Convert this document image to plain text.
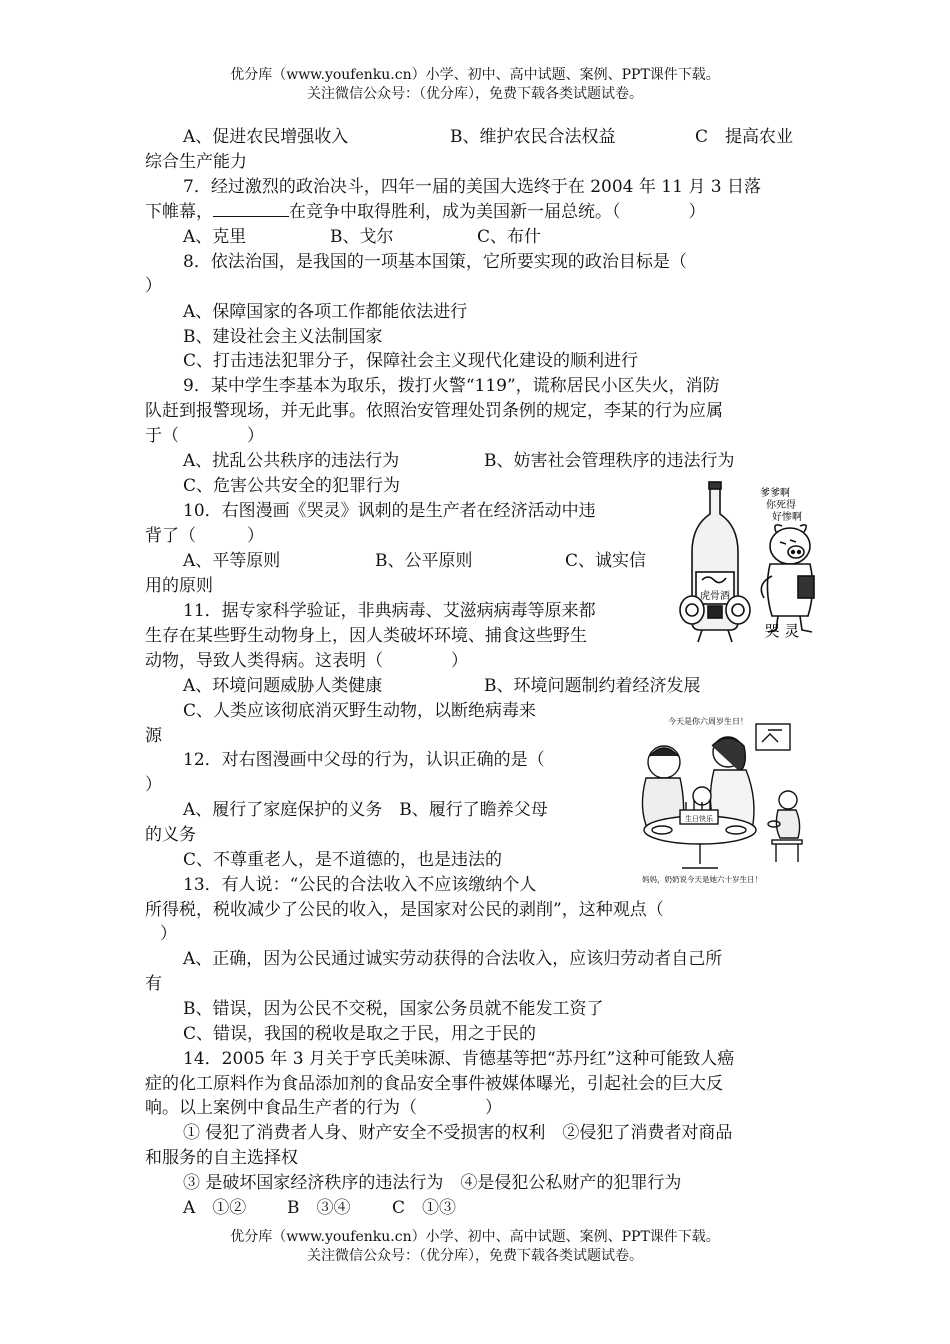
优分库（www.youfenku.cn）小学、初中、高中试题、案例、PPT课件下载。
关注微信公众号：（优分库），免费下载各类试题试卷。
A、促进农民增强收入	B、维护农民合法权益	C　提高农业
综合生产能力
7．经过激烈的政治决斗，四年一届的美国大选终于在 2004 年 11 月 3 日落
下帷幕，	在竞争中取得胜利，成为美国新一届总统。（　　　　）
A、克里	B、戈尔	C、布什
8．依法治国，是我国的一项基本国策，它所要实现的政治目标是（
）
A、保障国家的各项工作都能依法进行
B、建设社会主义法制国家
C、打击违法犯罪分子，保障社会主义现代化建设的顺利进行
9．某中学生李基本为取乐，拨打火警“119”，谎称居民小区失火，消防
队赶到报警现场，并无此事。依照治安管理处罚条例的规定，李某的行为应属
于（　　　　）
A、扰乱公共秩序的违法行为	B、妨害社会管理秩序的违法行为
C、危害公共安全的犯罪行为
10．右图漫画《哭灵》讽刺的是生产者在经济活动中违
背了（　　　）
A、平等原则	B、公平原则	C、诚实信
用的原则
11．据专家科学验证，非典病毒、艾滋病病毒等原来都
生存在某些野生动物身上，因人类破坏环境、捕食这些野生
动物，导致人类得病。这表明（　　　　）
A、环境问题威胁人类健康	B、环境问题制约着经济发展
C、人类应该彻底消灭野生动物，以断绝病毒来
源
12．对右图漫画中父母的行为，认识正确的是（
）
A、履行了家庭保护的义务　B、履行了瞻养父母
的义务
C、不尊重老人，是不道德的，也是违法的
13．有人说：“公民的合法收入不应该缴纳个人
所得税，税收减少了公民的收入，是国家对公民的剥削”，这种观点（
）
A、正确，因为公民通过诚实劳动获得的合法收入，应该归劳动者自己所
有
B、错误，因为公民不交税，国家公务员就不能发工资了
C、错误，我国的税收是取之于民，用之于民的
14．2005 年 3 月关于亨氏美味源、肯德基等把“苏丹红”这种可能致人癌
症的化工原料作为食品添加剂的食品安全事件被媒体曝光，引起社会的巨大反
响。以上案例中食品生产者的行为（　　　　）
① 侵犯了消费者人身、财产安全不受损害的权利　②侵犯了消费者对商品
和服务的自主选择权
③ 是破坏国家经济秩序的违法行为　④是侵犯公私财产的犯罪行为
A　①② B　③④ C　①③
优分库（www.youfenku.cn）小学、初中、高中试题、案例、PPT课件下载。
关注微信公众号：（优分库），免费下载各类试题试卷。
虎骨酒
爹爹啊
你死得
好惨啊
哭 灵
今天是你六周岁生日！
生日快乐
妈妈，奶奶说今天是她六十岁生日！
